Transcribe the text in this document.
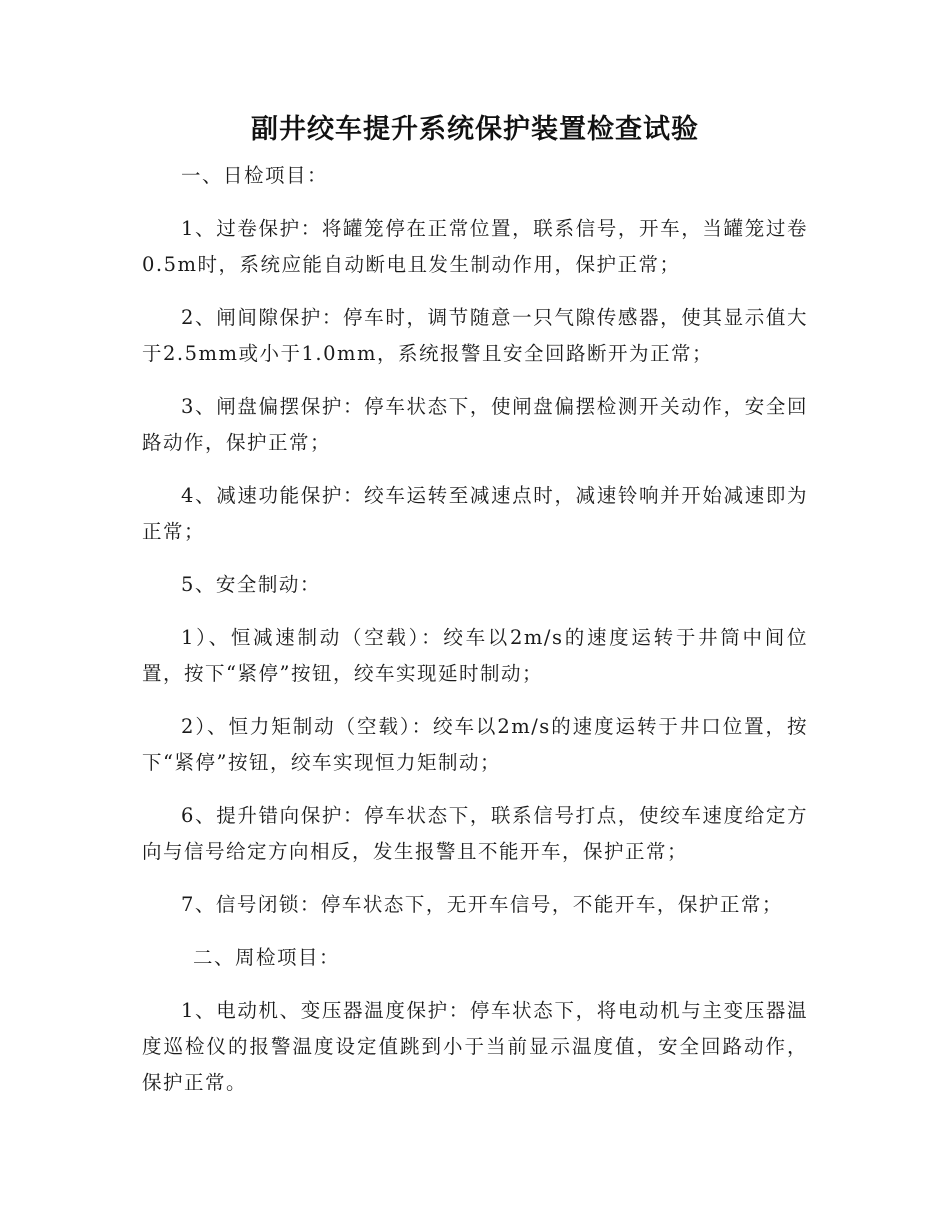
副井绞车提升系统保护装置检查试验

一、日检项目：

1、过卷保护：将罐笼停在正常位置，联系信号，开车，当罐笼过卷0.5m时，系统应能自动断电且发生制动作用，保护正常；

2、闸间隙保护：停车时，调节随意一只气隙传感器，使其显示值大于2.5mm或小于1.0mm，系统报警且安全回路断开为正常；

3、闸盘偏摆保护：停车状态下，使闸盘偏摆检测开关动作，安全回路动作，保护正常；

4、减速功能保护：绞车运转至减速点时，减速铃响并开始减速即为正常；

5、安全制动：

1）、恒减速制动（空载）：绞车以2m/s的速度运转于井筒中间位置，按下“紧停”按钮，绞车实现延时制动；

2）、恒力矩制动（空载）：绞车以2m/s的速度运转于井口位置，按下“紧停”按钮，绞车实现恒力矩制动；

6、提升错向保护：停车状态下，联系信号打点，使绞车速度给定方向与信号给定方向相反，发生报警且不能开车，保护正常；

7、信号闭锁：停车状态下，无开车信号，不能开车，保护正常；

二、周检项目：

1、电动机、变压器温度保护：停车状态下，将电动机与主变压器温度巡检仪的报警温度设定值跳到小于当前显示温度值，安全回路动作，保护正常。
